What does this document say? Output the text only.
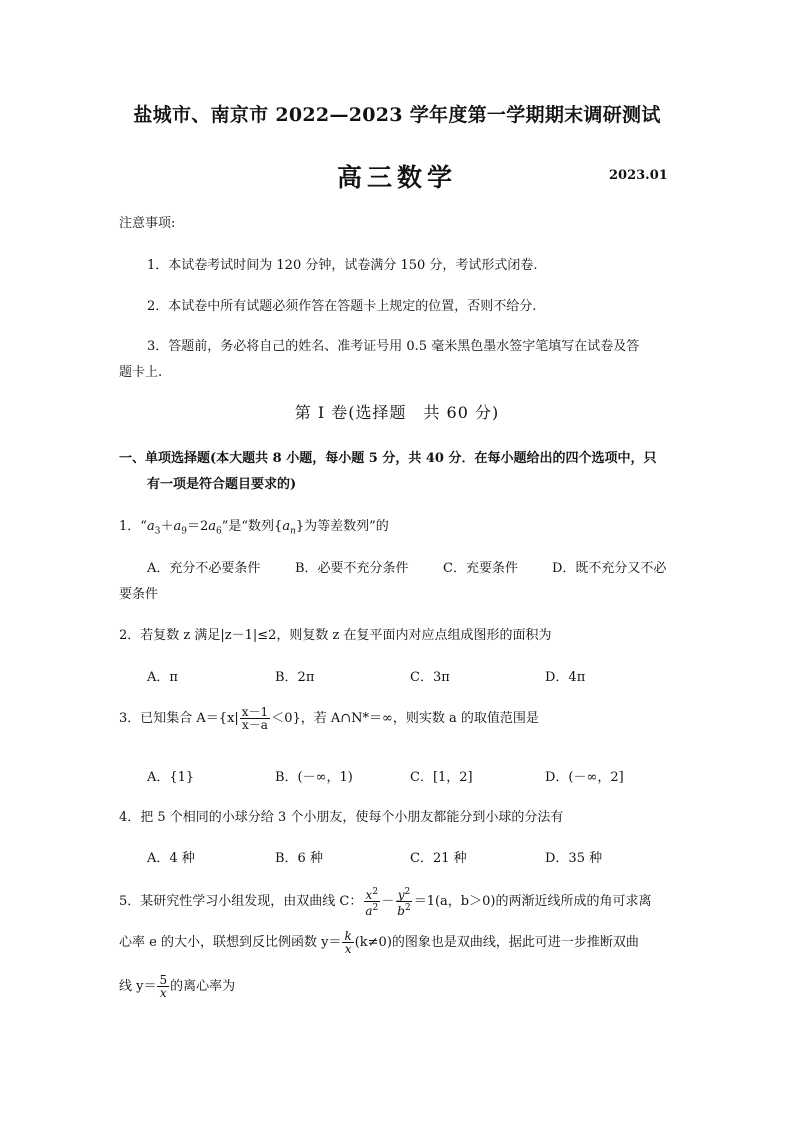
盐城市、南京市 2022—2023 学年度第一学期期末调研测试
高三数学	2023.01
注意事项:
1．本试卷考试时间为 120 分钟，试卷满分 150 分，考试形式闭卷.
2．本试卷中所有试题必须作答在答题卡上规定的位置，否则不给分.
3．答题前，务必将自己的姓名、准考证号用 0.5 毫米黑色墨水签字笔填写在试卷及答
题卡上.
第 Ⅰ 卷(选择题　共 60 分)
一、单项选择题(本大题共 8 小题，每小题 5 分，共 40 分．在每小题给出的四个选项中，只
有一项是符合题目要求的)
1．“$a_3+a_9=2a_6$”是“数列$\{a_n\}$为等差数列”的
A．充分不必要条件	B．必要不充分条件	C．充要条件	D．既不充分又不必
要条件
2．若复数 z 满足|z－1|≤2，则复数 z 在复平面内对应点组成图形的面积为
A．π	B．2π	C．3π	D．4π
3．已知集合 $A=\{x| \frac{x-1}{x-a} <0\}$，若 A∩N*＝∞，则实数 a 的取值范围是
A．{1}	B．(－∞，1)	C．[1，2]	D．(－∞，2]
4．把 5 个相同的小球分给 3 个小朋友，使每个小朋友都能分到小球的分法有
A．4 种	B．6 种	C．21 种	D．35 种
5．某研究性学习小组发现，由双曲线 C： $\frac{x^2}{a^2} - \frac{y^2}{b^2} =1(a$，b＞0)的两渐近线所成的角可求离
心率 e 的大小，联想到反比例函数 $y= \frac{k}{x} (k\ne 0)$的图象也是双曲线，据此可进一步推断双曲
线 $y= \frac{5}{x}$ 的离心率为
